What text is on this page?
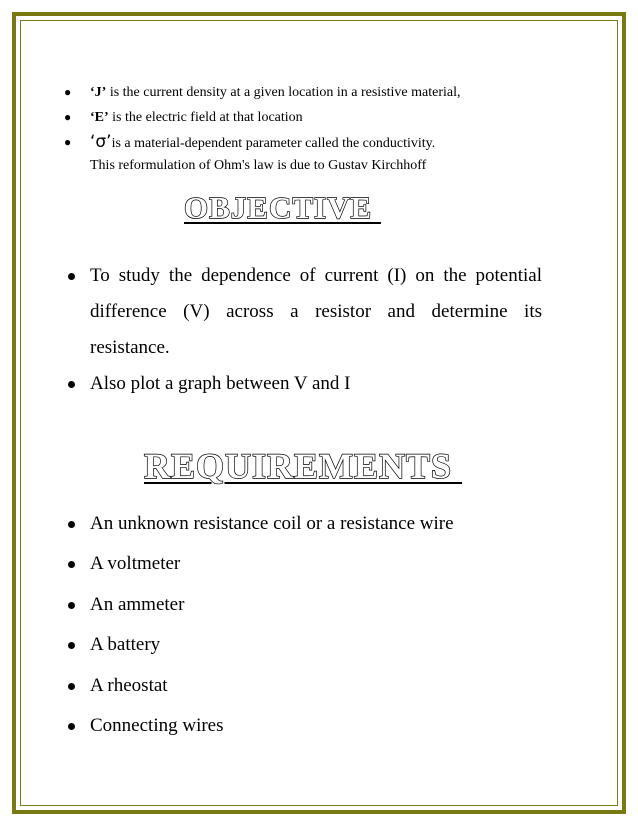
● ‘J’ is the current density at a given location in a resistive material,
● ‘E’ is the electric field at that location
● ‘σ’is a material-dependent parameter called the conductivity.
This reformulation of Ohm's law is due to Gustav Kirchhoff
OBJECTIVE
To study the dependence of current (I) on the potential difference (V) across a resistor and determine its resistance.
Also plot a graph between V and I
REQUIREMENTS
An unknown resistance coil or a resistance wire
A voltmeter
An ammeter
A battery
A rheostat
Connecting wires
